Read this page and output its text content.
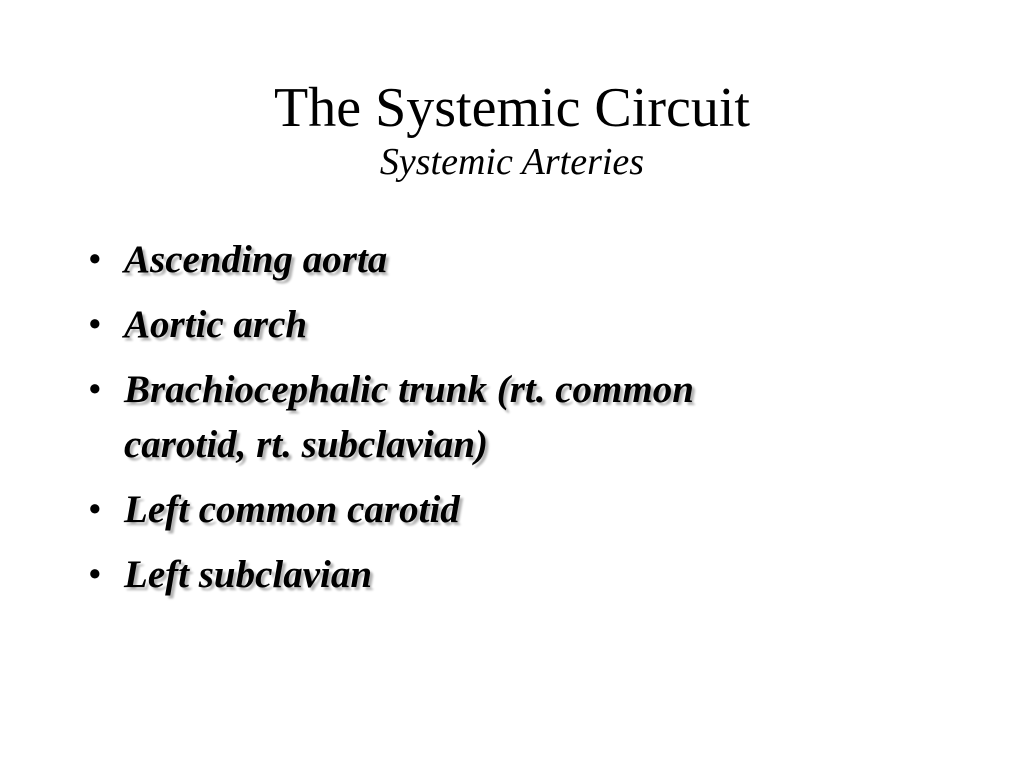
The Systemic Circuit
Systemic Arteries
• Ascending aorta
• Aortic arch
• Brachiocephalic trunk (rt. common carotid, rt. subclavian)
• Left common carotid
• Left subclavian
